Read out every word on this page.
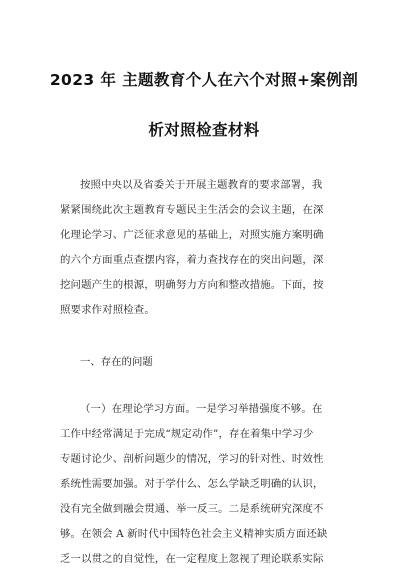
2023 年 主题教育个人在六个对照+案例剖
析对照检查材料
按照中央以及省委关于开展主题教育的要求部署，我
紧紧围绕此次主题教育专题民主生活会的会议主题，在深
化理论学习、广泛征求意见的基础上，对照实施方案明确
的六个方面重点查摆内容，着力查找存在的突出问题，深
挖问题产生的根源，明确努力方向和整改措施。下面，按
照要求作对照检查。
一、存在的问题
（一）在理论学习方面。一是学习举措强度不够。在
工作中经常满足于完成“规定动作”，存在着集中学习少
专题讨论少、剖析问题少的情况，学习的针对性、时效性
系统性需要加强。对于学什么、怎么学缺乏明确的认识，
没有完全做到融会贯通、举一反三。二是系统研究深度不
够。在领会 A 新时代中国特色社会主义精神实质方面还缺
乏一以贯之的自觉性，在一定程度上忽视了理论联系实际
